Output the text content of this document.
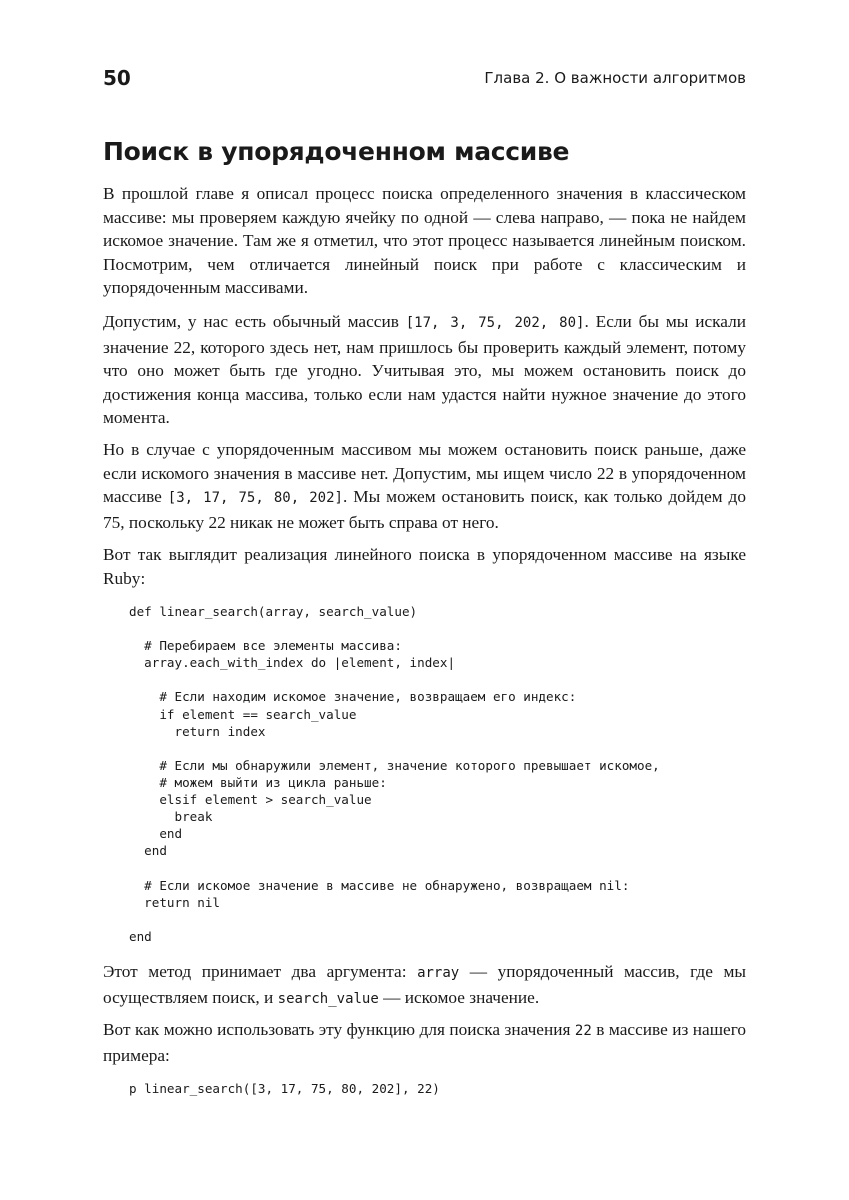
50	Глава 2. О важности алгоритмов
Поиск в упорядоченном массиве

В прошлой главе я описал процесс поиска определенного значения в классическом массиве: мы проверяем каждую ячейку по одной — слева направо, — пока не найдем искомое значение. Там же я отметил, что этот процесс называется линейным поиском. Посмотрим, чем отличается линейный поиск при работе с классическим и упорядоченным массивами.

Допустим, у нас есть обычный массив [17, 3, 75, 202, 80]. Если бы мы искали значение 22, которого здесь нет, нам пришлось бы проверить каждый элемент, потому что оно может быть где угодно. Учитывая это, мы можем остановить поиск до достижения конца массива, только если нам удастся найти нужное значение до этого момента.

Но в случае с упорядоченным массивом мы можем остановить поиск раньше, даже если искомого значения в массиве нет. Допустим, мы ищем число 22 в упорядоченном массиве [3, 17, 75, 80, 202]. Мы можем остановить поиск, как только дойдем до 75, поскольку 22 никак не может быть справа от него.

Вот так выглядит реализация линейного поиска в упорядоченном массиве на языке Ruby:

def linear_search(array, search_value)

# Перебираем все элементы массива:
array.each_with_index do |element, index|

# Если находим искомое значение, возвращаем его индекс:
if element == search_value
return index

# Если мы обнаружили элемент, значение которого превышает искомое,
# можем выйти из цикла раньше:
elsif element > search_value
break
end
end

# Если искомое значение в массиве не обнаружено, возвращаем nil:
return nil

end

Этот метод принимает два аргумента: array — упорядоченный массив, где мы осуществляем поиск, и search_value — искомое значение.

Вот как можно использовать эту функцию для поиска значения 22 в массиве из нашего примера:

p linear_search([3, 17, 75, 80, 202], 22)
